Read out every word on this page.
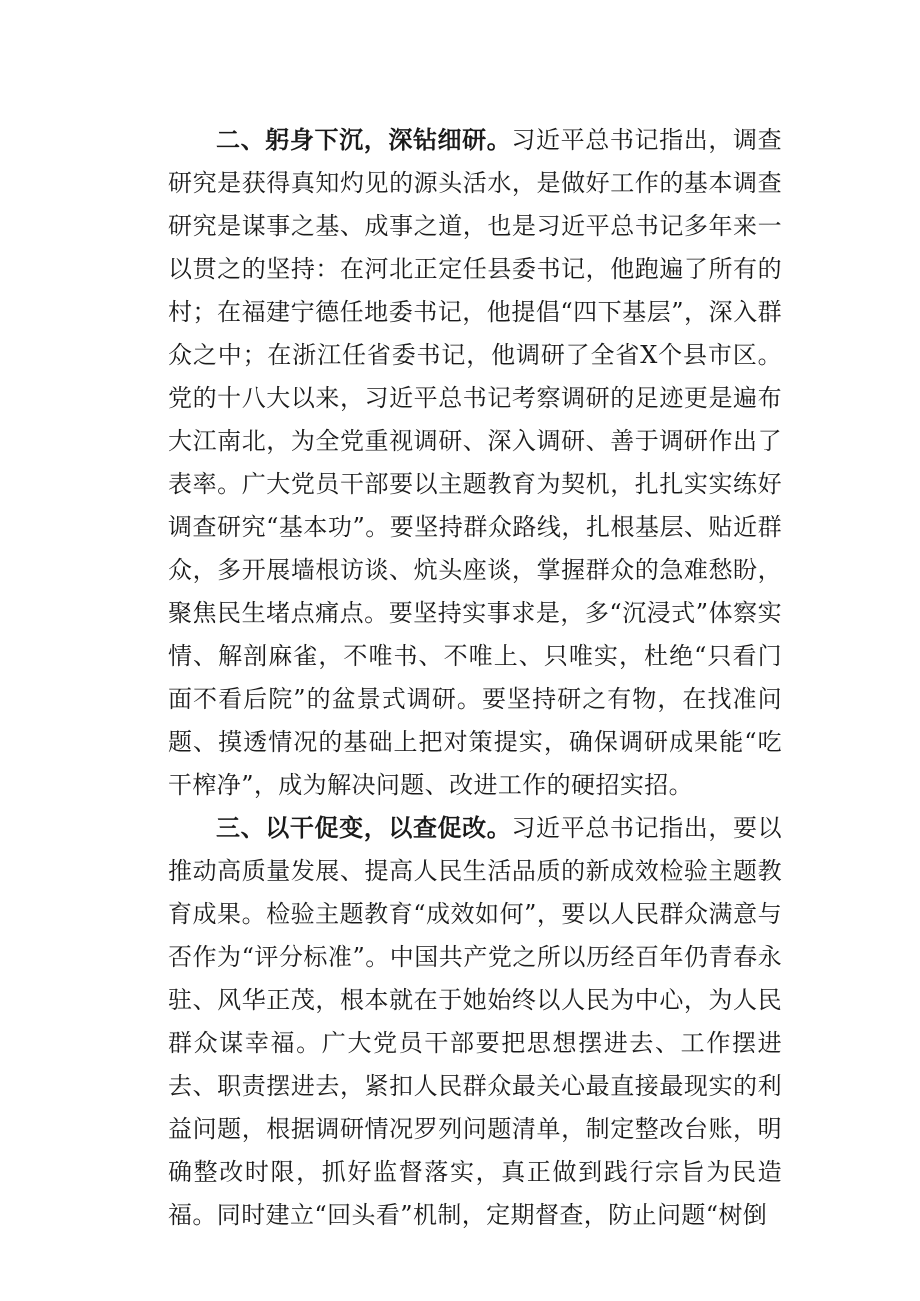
二、躬身下沉，深钻细研。习近平总书记指出，调查研究是获得真知灼见的源头活水，是做好工作的基本调查研究是谋事之基、成事之道，也是习近平总书记多年来一以贯之的坚持：在河北正定任县委书记，他跑遍了所有的村；在福建宁德任地委书记，他提倡“四下基层”，深入群众之中；在浙江任省委书记，他调研了全省X个县市区。党的十八大以来，习近平总书记考察调研的足迹更是遍布大江南北，为全党重视调研、深入调研、善于调研作出了表率。广大党员干部要以主题教育为契机，扎扎实实练好调查研究“基本功”。要坚持群众路线，扎根基层、贴近群众，多开展墙根访谈、炕头座谈，掌握群众的急难愁盼，聚焦民生堵点痛点。要坚持实事求是，多“沉浸式”体察实情、解剖麻雀，不唯书、不唯上、只唯实，杜绝“只看门面不看后院”的盆景式调研。要坚持研之有物，在找准问题、摸透情况的基础上把对策提实，确保调研成果能“吃干榨净”，成为解决问题、改进工作的硬招实招。

三、以干促变，以查促改。习近平总书记指出，要以推动高质量发展、提高人民生活品质的新成效检验主题教育成果。检验主题教育“成效如何”，要以人民群众满意与否作为“评分标准”。中国共产党之所以历经百年仍青春永驻、风华正茂，根本就在于她始终以人民为中心，为人民群众谋幸福。广大党员干部要把思想摆进去、工作摆进去、职责摆进去，紧扣人民群众最关心最直接最现实的利益问题，根据调研情况罗列问题清单，制定整改台账，明确整改时限，抓好监督落实，真正做到践行宗旨为民造福。同时建立“回头看”机制，定期督查，防止问题“树倒
